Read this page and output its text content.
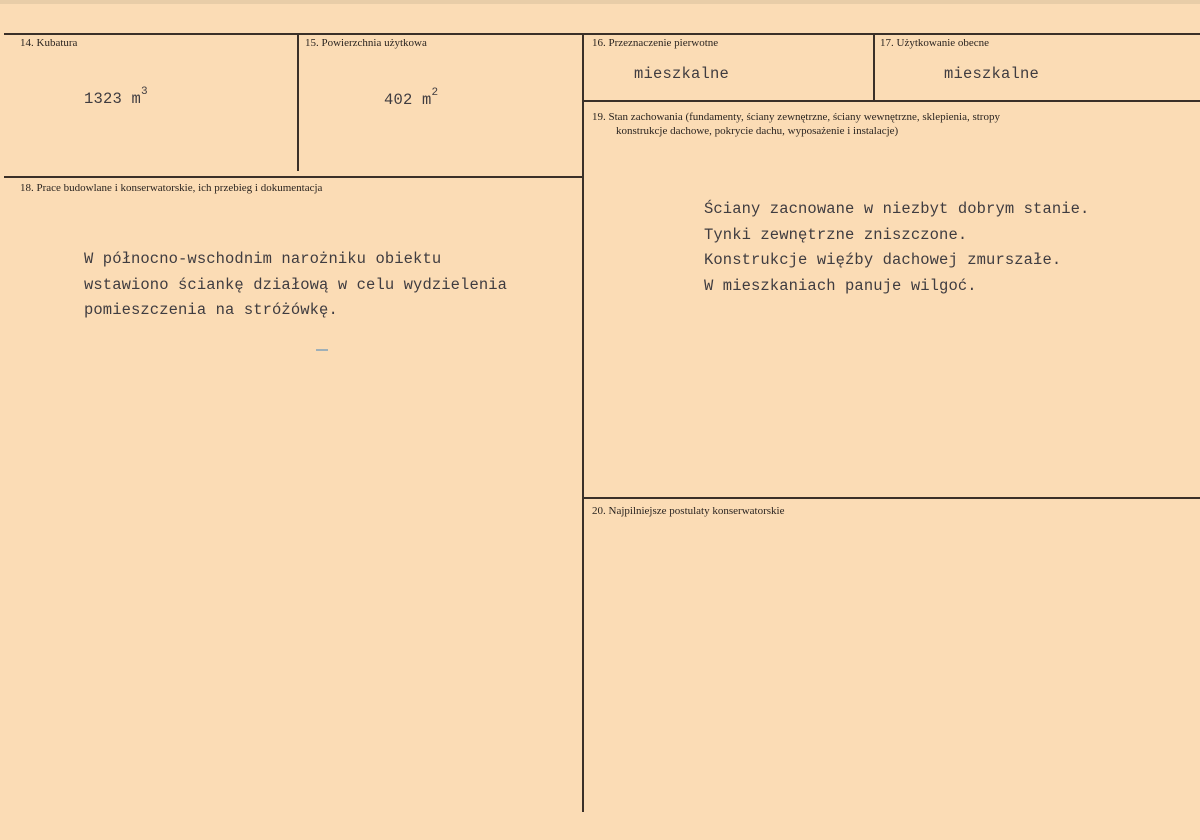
14. Kubatura
1323 $m^3$
15. Powierzchnia użytkowa
402 $m^2$
16. Przeznaczenie pierwotne
mieszkalne
17. Użytkowanie obecne
mieszkalne
18. Prace budowlane i konserwatorskie, ich przebieg i dokumentacja
W północno-wschodnim narożniku obiektu
wstawiono ściankę działową w celu wydzielenia
pomieszczenia na stróżówkę.
19. Stan zachowania (fundamenty, ściany zewnętrzne, ściany wewnętrzne, sklepienia, stropy
konstrukcje dachowe, pokrycie dachu, wyposażenie i instalacje)
Ściany zacnowane w niezbyt dobrym stanie.
Tynki zewnętrzne zniszczone.
Konstrukcje więźby dachowej zmurszałe.
W mieszkaniach panuje wilgoć.
20. Najpilniejsze postulaty konserwatorskie
